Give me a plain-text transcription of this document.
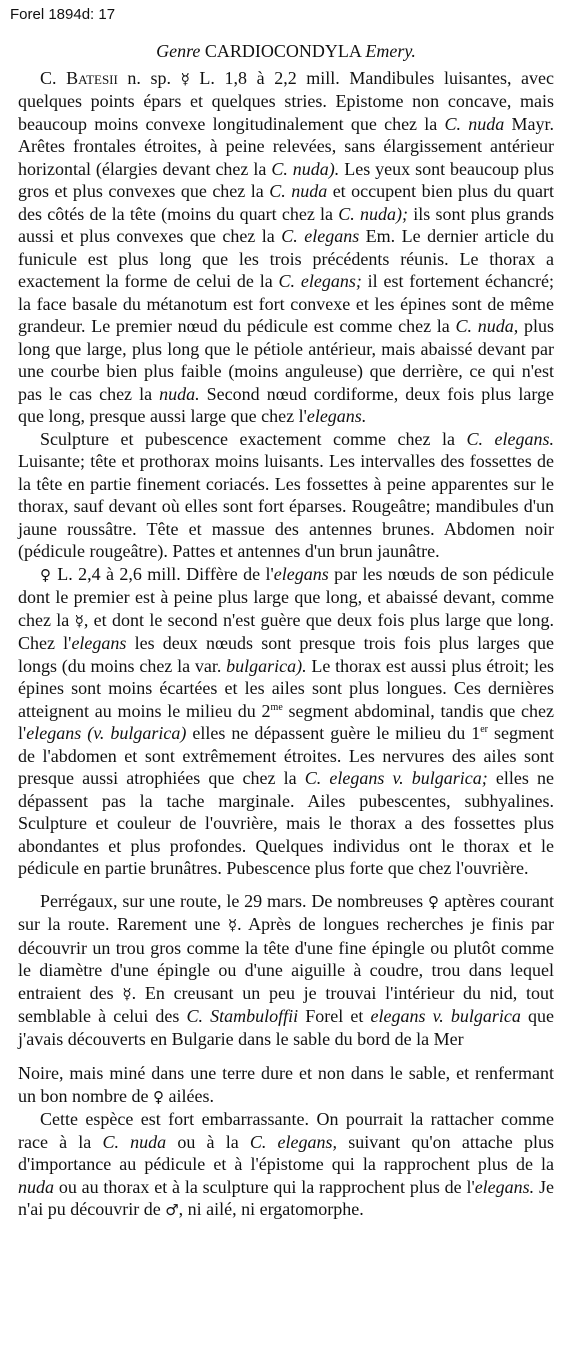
Forel 1894d: 17

Genre CARDIOCONDYLA Emery.

C. Batesii n. sp. ☿ L. 1,8 à 2,2 mill. Mandibules luisantes, avec quelques points épars et quelques stries. Epistome non concave, mais beaucoup moins convexe longitudinalement que chez la C. nuda Mayr. Arêtes frontales étroites, à peine relevées, sans élargissement antérieur horizontal (élargies devant chez la C. nuda). Les yeux sont beaucoup plus gros et plus convexes que chez la C. nuda et occupent bien plus du quart des côtés de la tête (moins du quart chez la C. nuda); ils sont plus grands aussi et plus convexes que chez la C. elegans Em. Le dernier article du funicule est plus long que les trois précédents réunis. Le thorax a exactement la forme de celui de la C. elegans; il est fortement échancré; la face basale du métanotum est fort convexe et les épines sont de même grandeur. Le premier nœud du pédicule est comme chez la C. nuda, plus long que large, plus long que le pétiole antérieur, mais abaissé devant par une courbe bien plus faible (moins anguleuse) que derrière, ce qui n'est pas le cas chez la nuda. Second nœud cordiforme, deux fois plus large que long, presque aussi large que chez l'elegans.

Sculpture et pubescence exactement comme chez la C. elegans. Luisante; tête et prothorax moins luisants. Les intervalles des fossettes de la tête en partie finement coriacés. Les fossettes à peine apparentes sur le thorax, sauf devant où elles sont fort éparses. Rougeâtre; mandibules d'un jaune roussâtre. Tête et massue des antennes brunes. Abdomen noir (pédicule rougeâtre). Pattes et antennes d'un brun jaunâtre.

♀ L. 2,4 à 2,6 mill. Diffère de l'elegans par les nœuds de son pédicule dont le premier est à peine plus large que long, et abaissé devant, comme chez la ☿, et dont le second n'est guère que deux fois plus large que long. Chez l'elegans les deux nœuds sont presque trois fois plus larges que longs (du moins chez la var. bulgarica). Le thorax est aussi plus étroit; les épines sont moins écartées et les ailes sont plus longues. Ces dernières atteignent au moins le milieu du $2^{me}$ segment abdominal, tandis que chez l'elegans (v. bulgarica) elles ne dépassent guère le milieu du 1er segment de l'abdomen et sont extrêmement étroites. Les nervures des ailes sont presque aussi atrophiées que chez la C. elegans v. bulgarica; elles ne dépassent pas la tache marginale. Ailes pubescentes, subhyalines. Sculpture et couleur de l'ouvrière, mais le thorax a des fossettes plus abondantes et plus profondes. Quelques individus ont le thorax et le pédicule en partie brunâtres. Pubescence plus forte que chez l'ouvrière.

Perrégaux, sur une route, le 29 mars. De nombreuses ♀ aptères courant sur la route. Rarement une ☿. Après de longues recherches je finis par découvrir un trou gros comme la tête d'une fine épingle ou plutôt comme le diamètre d'une épingle ou d'une aiguille à coudre, trou dans lequel entraient des ☿. En creusant un peu je trouvai l'intérieur du nid, tout semblable à celui des C. Stambuloffii Forel et elegans v. bulgarica que j'avais découverts en Bulgarie dans le sable du bord de la Mer

Noire, mais miné dans une terre dure et non dans le sable, et renfermant un bon nombre de ♀ ailées.

Cette espèce est fort embarrassante. On pourrait la rattacher comme race à la C. nuda ou à la C. elegans, suivant qu'on attache plus d'importance au pédicule et à l'épistome qui la rapprochent plus de la nuda ou au thorax et à la sculpture qui la rapprochent plus de l'elegans. Je n'ai pu découvrir de ♂, ni ailé, ni ergatomorphe.
